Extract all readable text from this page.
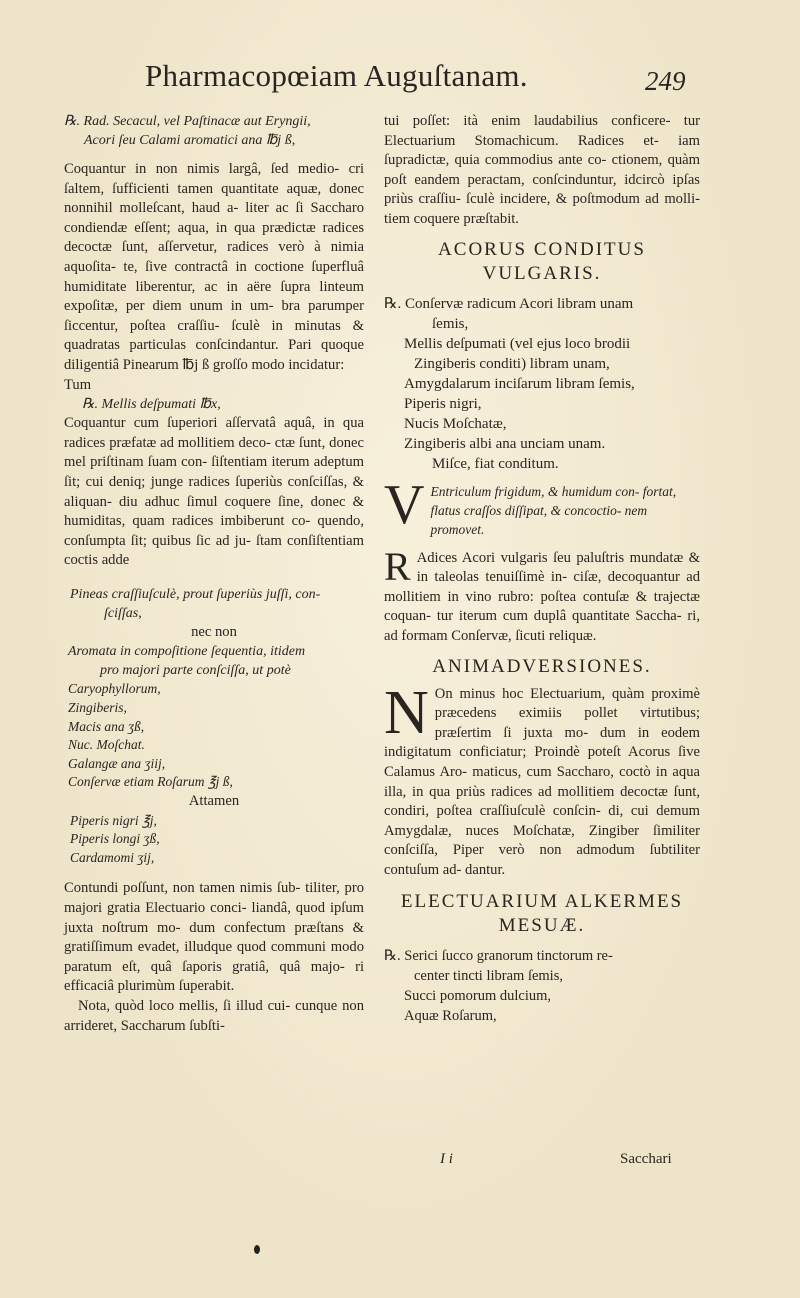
Pharmacopœiam Auguſtanam.	249

℞. Rad. Secacul, vel Paſtinacæ aut Eryngii,

Acori ſeu Calami aromatici ana ℔j ß,

Coquantur in non nimis largâ, ſed medio- cri ſaltem, ſufficienti tamen quantitate aquæ, donec nonnihil molleſcant, haud a- liter ac ſi Saccharo condiendæ eſſent; aqua, in qua prædictæ radices decoctæ ſunt, aſſervetur, radices verò à nimia aquoſita- te, ſive contractâ in coctione ſuperfluâ humiditate liberentur, ac in aëre ſupra linteum expoſitæ, per diem unum in um- bra parumper ſiccentur, poſtea craſſiu- ſculè in minutas & quadratas particulas conſcindantur. Pari quoque diligentiâ Pinearum ℔j ß groſſo modo incidatur:

Tum

℞. Mellis deſpumati ℔x,

Coquantur cum ſuperiori aſſervatâ aquâ, in qua radices præfatæ ad mollitiem deco- ctæ ſunt, donec mel priſtinam ſuam con- ſiſtentiam iterum adeptum ſit; cui deniq; junge radices ſuperiùs conſciſſas, & aliquan- diu adhuc ſimul coquere ſine, donec & humiditas, quam radices imbiberunt co- quendo, conſumpta ſit; quibus ſic ad ju- ſtam conſiſtentiam coctis adde

Pineas craſſiuſculè, prout ſuperiùs juſſi, con-

ſciſſas,

nec non

Aromata in compoſitione ſequentia, itidem

pro majori parte conſciſſa, ut potè

Caryophyllorum,

Zingiberis,

Macis ana ʒß,

Nuc. Moſchat.

Galangæ ana ʒiij,

Conſervæ etiam Roſarum ℥j ß,

Attamen

Piperis nigri ℥j,

Piperis longi ʒß,

Cardamomi ʒij,

Contundi poſſunt, non tamen nimis ſub- tiliter, pro majori gratia Electuario conci- liandâ, quod ipſum juxta noſtrum mo- dum confectum præſtans & gratiſſimum evadet, illudque quod communi modo paratum eſt, quâ ſaporis gratiâ, quâ majo- ri efficaciâ plurimùm ſuperabit.

Nota, quòd loco mellis, ſi illud cui- cunque non arrideret, Saccharum ſubſti-

tui poſſet: ità enim laudabilius conficere- tur Electuarium Stomachicum. Radices et- iam ſupradictæ, quia commodius ante co- ctionem, quàm poſt eandem peractam, conſcinduntur, idcircò ipſas priùs craſſiu- ſculè incidere, & poſtmodum ad molli- tiem coquere præſtabit.

ACORUS CONDITUS

VULGARIS.

℞. Conſervæ radicum Acori libram unam

ſemis,

Mellis deſpumati (vel ejus loco brodii

Zingiberis conditi) libram unam,

Amygdalarum inciſarum libram ſemis,

Piperis nigri,

Nucis Moſchatæ,

Zingiberis albi ana unciam unam.

Miſce, fiat conditum.

V Entriculum frigidum, & humidum con- fortat, flatus craſſos diſſipat, & concoctio- nem promovet.

R Adices Acori vulgaris ſeu paluſtris mundatæ & in taleolas tenuiſſimè in- ciſæ, decoquantur ad mollitiem in vino rubro: poſtea contuſæ & trajectæ coquan- tur iterum cum duplâ quantitate Saccha- ri, ad formam Conſervæ, ſicuti reliquæ.

ANIMADVERSIONES.

N On minus hoc Electuarium, quàm proximè præcedens eximiis pollet virtutibus; præſertim ſi juxta mo- dum in eodem indigitatum conficiatur; Proindè poteſt Acorus ſive Calamus Aro- maticus, cum Saccharo, coctò in aqua illa, in qua priùs radices ad mollitiem decoctæ ſunt, condiri, poſtea craſſiuſculè conſcin- di, cui demum Amygdalæ, nuces Moſchatæ, Zingiber ſimiliter conſciſſa, Piper verò non admodum ſubtiliter contuſum ad- dantur.

ELECTUARIUM ALKERMES

MESUÆ.

℞. Serici ſucco granorum tinctorum re-

center tincti libram ſemis,

Succi pomorum dulcium,

Aquæ Roſarum,

I i	Sacchari
